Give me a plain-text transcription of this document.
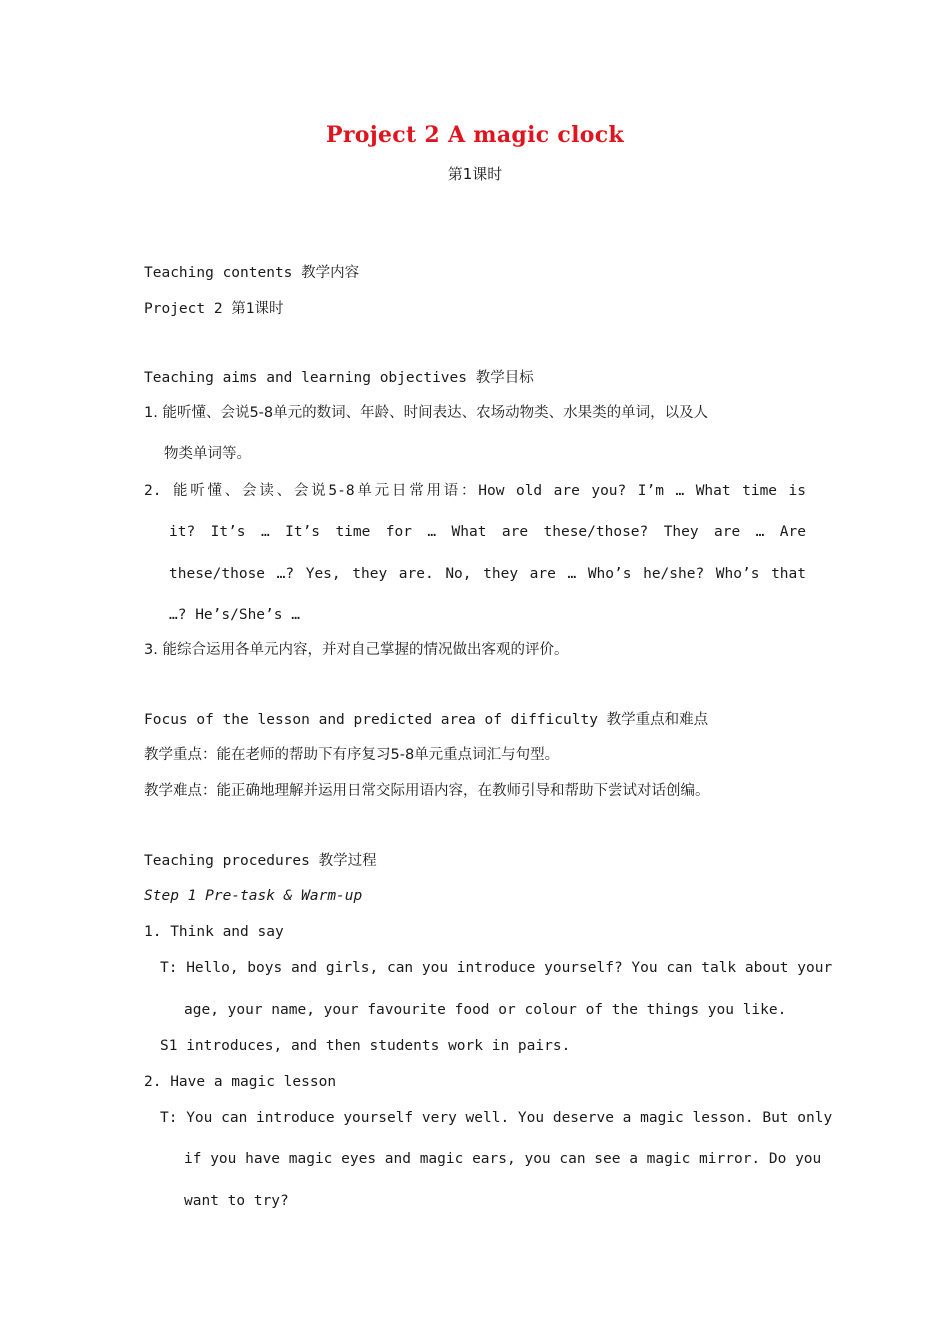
Project 2 A magic clock
第1课时
Teaching contents 教学内容
Project 2 第1课时
Teaching aims and learning objectives 教学目标
1. 能听懂、会说5-8单元的数词、年龄、时间表达、农场动物类、水果类的单词，以及人
物类单词等。
2. 能听懂、会读、会说5-8单元日常用语：How old are you? I’m … What time is
it? It’s … It’s time for … What are these/those? They are … Are
these/those …? Yes, they are. No, they are … Who’s he/she? Who’s that
…? He’s/She’s …
3. 能综合运用各单元内容，并对自己掌握的情况做出客观的评价。
Focus of the lesson and predicted area of difficulty 教学重点和难点
教学重点：能在老师的帮助下有序复习5-8单元重点词汇与句型。
教学难点：能正确地理解并运用日常交际用语内容，在教师引导和帮助下尝试对话创编。
Teaching procedures 教学过程
Step 1 Pre-task & Warm-up
1. Think and say
T: Hello, boys and girls, can you introduce yourself? You can talk about your
age, your name, your favourite food or colour of the things you like.
S1 introduces, and then students work in pairs.
2. Have a magic lesson
T: You can introduce yourself very well. You deserve a magic lesson. But only
if you have magic eyes and magic ears, you can see a magic mirror. Do you
want to try?
